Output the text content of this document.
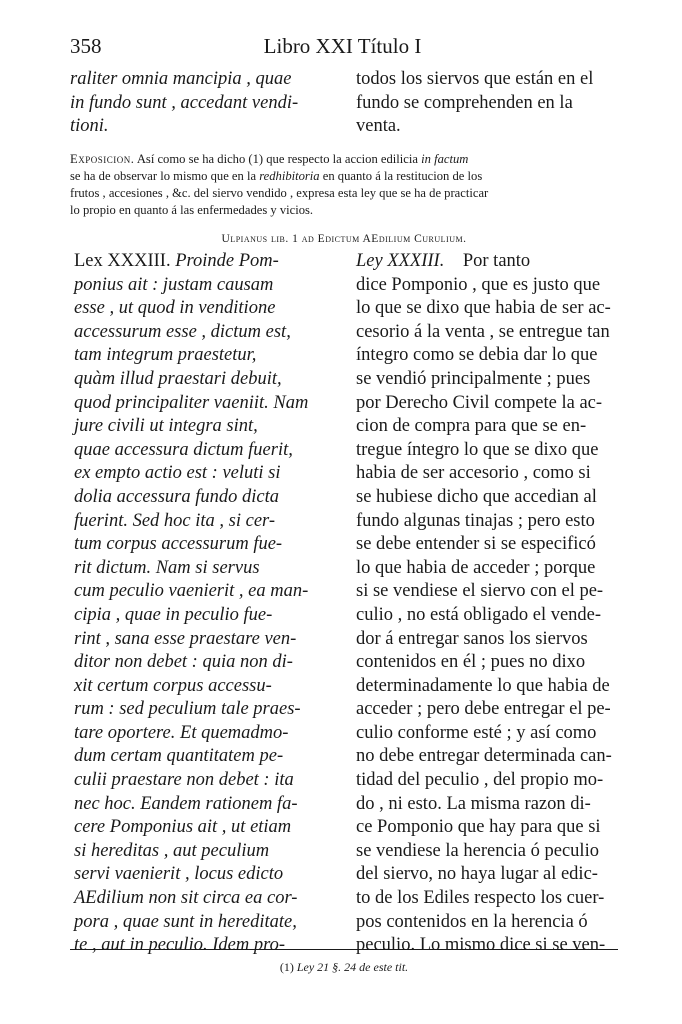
358	Libro XXI Título I
raliter omnia mancipia , quae
in fundo sunt , accedant vendi-
tioni.
todos los siervos que están en el
fundo se comprehenden en la
venta.
Exposicion. Así como se ha dicho (1) que respecto la accion edilicia in factum
se ha de observar lo mismo que en la redhibitoria en quanto á la restitucion de los
frutos , accesiones , &c. del siervo vendido , expresa esta ley que se ha de practicar
lo propio en quanto á las enfermedades y vicios.
Ulpianus lib. 1 ad Edictum AEdilium Curulium.
Lex XXXIII. Proinde Pom-
ponius ait : justam causam
esse , ut quod in venditione
accessurum esse , dictum est,
tam integrum praestetur,
quàm illud praestari debuit,
quod principaliter vaeniit. Nam
jure civili ut integra sint,
quae accessura dictum fuerit,
ex empto actio est : veluti si
dolia accessura fundo dicta
fuerint. Sed hoc ita , si cer-
tum corpus accessurum fue-
rit dictum. Nam si servus
cum peculio vaenierit , ea man-
cipia , quae in peculio fue-
rint , sana esse praestare ven-
ditor non debet : quia non di-
xit certum corpus accessu-
rum : sed peculium tale praes-
tare oportere. Et quemadmo-
dum certam quantitatem pe-
culii praestare non debet : ita
nec hoc. Eandem rationem fa-
cere Pomponius ait , ut etiam
si hereditas , aut peculium
servi vaenierit , locus edicto
AEdilium non sit circa ea cor-
pora , quae sunt in hereditate,
te , aut in peculio. Idem pro-
Ley XXXIII.    Por tanto
dice Pomponio , que es justo que
lo que se dixo que habia de ser ac-
cesorio á la venta , se entregue tan
íntegro como se debia dar lo que
se vendió principalmente ; pues
por Derecho Civil compete la ac-
cion de compra para que se en-
tregue íntegro lo que se dixo que
habia de ser accesorio , como si
se hubiese dicho que accedian al
fundo algunas tinajas ; pero esto
se debe entender si se especificó
lo que habia de acceder ; porque
si se vendiese el siervo con el pe-
culio , no está obligado el vende-
dor á entregar sanos los siervos
contenidos en él ; pues no dixo
determinadamente lo que habia de
acceder ; pero debe entregar el pe-
culio conforme esté ; y así como
no debe entregar determinada can-
tidad del peculio , del propio mo-
do , ni esto. La misma razon di-
ce Pomponio que hay para que si
se vendiese la herencia ó peculio
del siervo, no haya lugar al edic-
to de los Ediles respecto los cuer-
pos contenidos en la herencia ó
peculio. Lo mismo dice si se ven-
(1) Ley 21 §. 24 de este tit.
